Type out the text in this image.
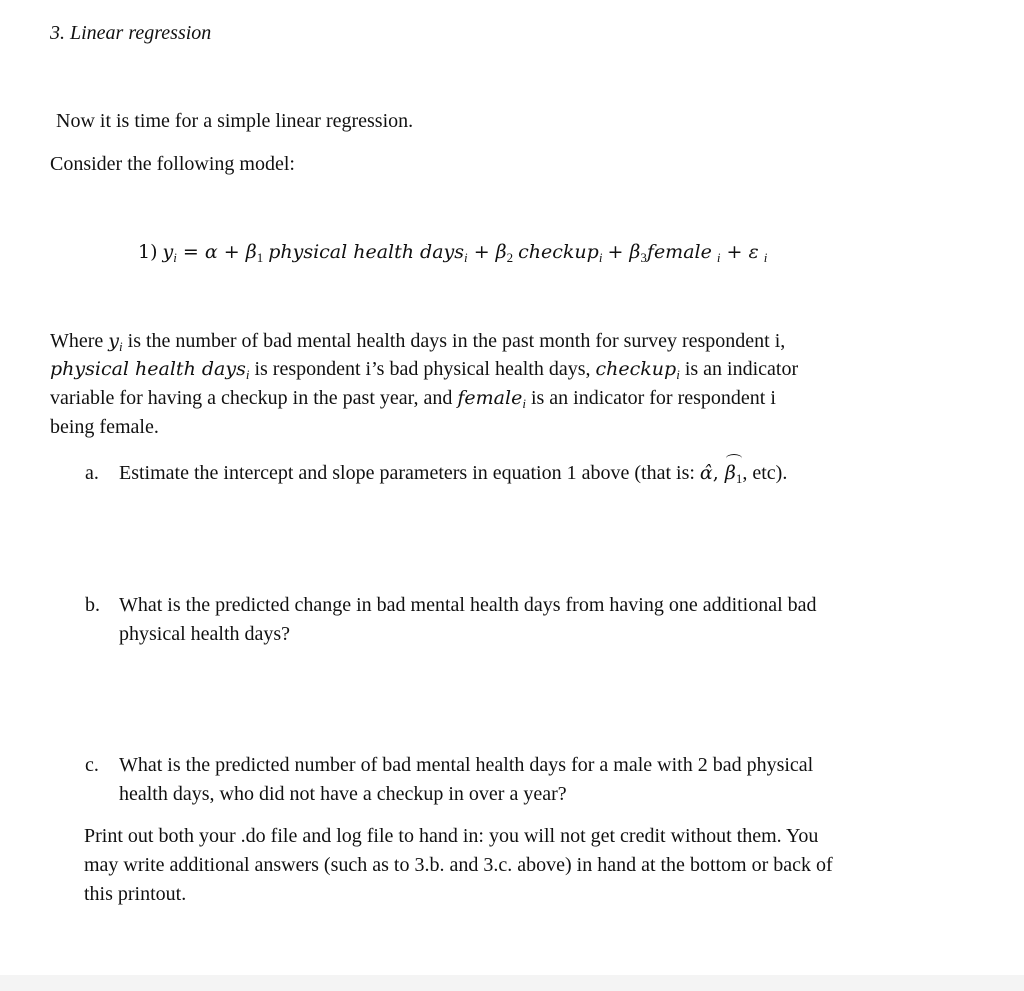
3. Linear regression
Now it is time for a simple linear regression.
Consider the following model:
1) $y_i = \alpha + \beta_1$ physical health days$_i$ + $\beta_2$ checkup$_i$ + $\beta_3female$ $_i$ + ε $_i$
Where $y_i$ is the number of bad mental health days in the past month for survey respondent i,
physical health days$_i$ is respondent i’s bad physical health days, checkup$_i$ is an indicator
variable for having a checkup in the past year, and female$_i$ is an indicator for respondent i
being female.
a. Estimate the intercept and slope parameters in equation 1 above (that is: α̂, $\beta_1$, etc).
b. What is the predicted change in bad mental health days from having one additional bad
physical health days?
c. What is the predicted number of bad mental health days for a male with 2 bad physical
health days, who did not have a checkup in over a year?
Print out both your .do file and log file to hand in: you will not get credit without them. You
may write additional answers (such as to 3.b. and 3.c. above) in hand at the bottom or back of
this printout.
